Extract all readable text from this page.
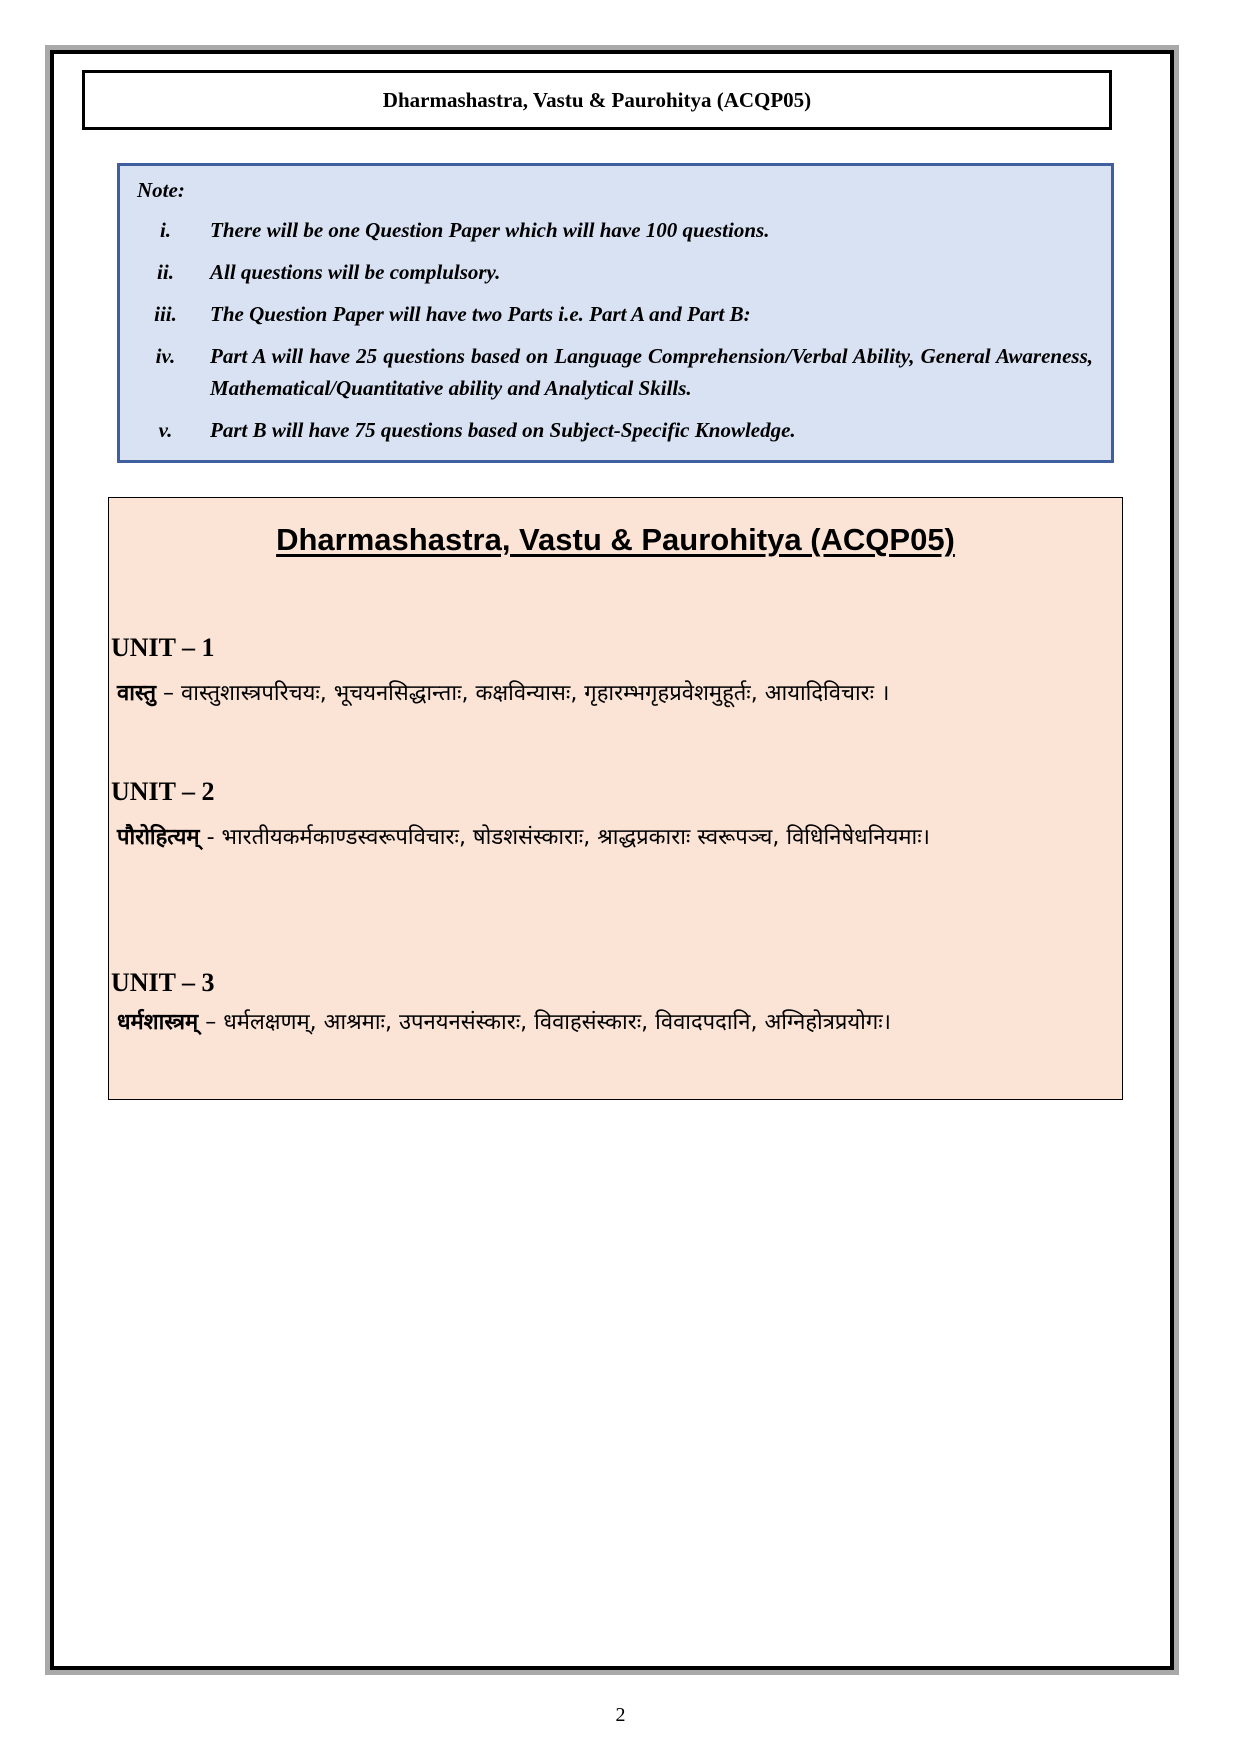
Dharmashastra, Vastu & Paurohitya (ACQP05)
Note:
i.	There will be one Question Paper which will have 100 questions.
ii.	All questions will be complulsory.
iii.	The Question Paper will have two Parts i.e. Part A and Part B:
iv.	Part A will have 25 questions based on Language Comprehension/Verbal Ability, General Awareness, Mathematical/Quantitative ability and Analytical Skills.
v.	Part B will have 75 questions based on Subject-Specific Knowledge.
Dharmashastra, Vastu & Paurohitya (ACQP05)
UNIT – 1
वास्तु – वास्तुशास्त्रपरिचयः, भूचयनसिद्धान्ताः, कक्षविन्यासः, गृहारम्भगृहप्रवेशमुहूर्तः, आयादिविचारः ।
UNIT – 2
पौरोहित्यम् - भारतीयकर्मकाण्डस्वरूपविचारः, षोडशसंस्काराः, श्राद्धप्रकाराः स्वरूपञ्च, विधिनिषेधनियमाः।
UNIT – 3
धर्मशास्त्रम् – धर्मलक्षणम्, आश्रमाः, उपनयनसंस्कारः, विवाहसंस्कारः, विवादपदानि, अग्निहोत्रप्रयोगः।
2
